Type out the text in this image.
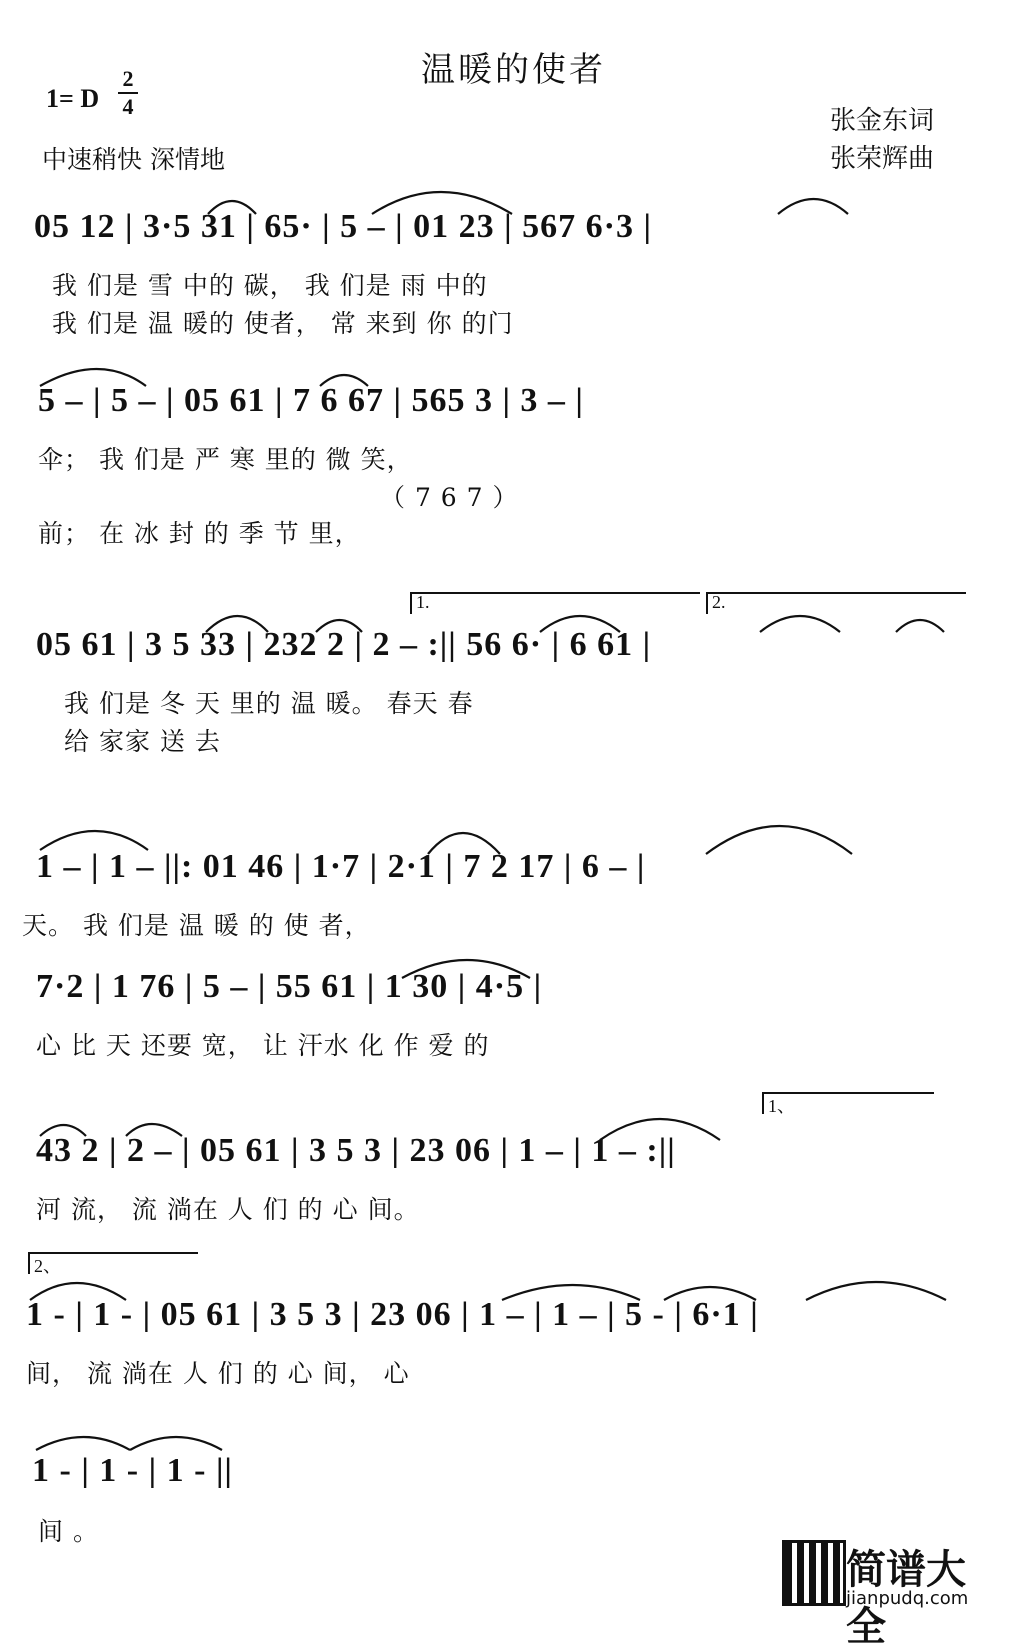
温暖的使者
1= D
2
4
中速稍快 深情地
张金东词
张荣辉曲
05 12 | 3·5 31 | 65· | 5 – | 01 23 | 567 6·3 |
我 们是 雪 中的 碳， 我 们是 雨 中的
我 们是 温 暖的 使者， 常 来到 你 的门
5 – | 5 – | 05 61 | 7 6 67 | 565 3 | 3 – |
伞； 我 们是 严 寒 里的 微 笑，
（ 7 6 7 ）
前； 在 冰 封 的 季 节 里，
1.	2.
05 61 | 3 5 33 | 232 2 | 2 – :|| 56 6· | 6 61 |
我 们是 冬 天 里的 温 暖。 春天 春
给 家家 送 去
1 – | 1 – ||: 01 46 | 1·7 | 2·1 | 7 2 17 | 6 – |
天。 我 们是 温 暖 的 使 者，
7·2 | 1 76 | 5 – | 55 61 | 1 30 | 4·5 |
心 比 天 还要 宽， 让 汗水 化 作 爱 的
1、
43 2 | 2 – | 05 61 | 3 5 3 | 23 06 | 1 – | 1 – :||
河 流， 流 淌在 人 们 的 心 间。
2、
1 - | 1 - | 05 61 | 3 5 3 | 23 06 | 1 – | 1 – | 5 - | 6·1 |
间， 流 淌在 人 们 的 心 间， 心
1 - | 1 - | 1 - ||
间 。
简谱大全
jianpudq.com
